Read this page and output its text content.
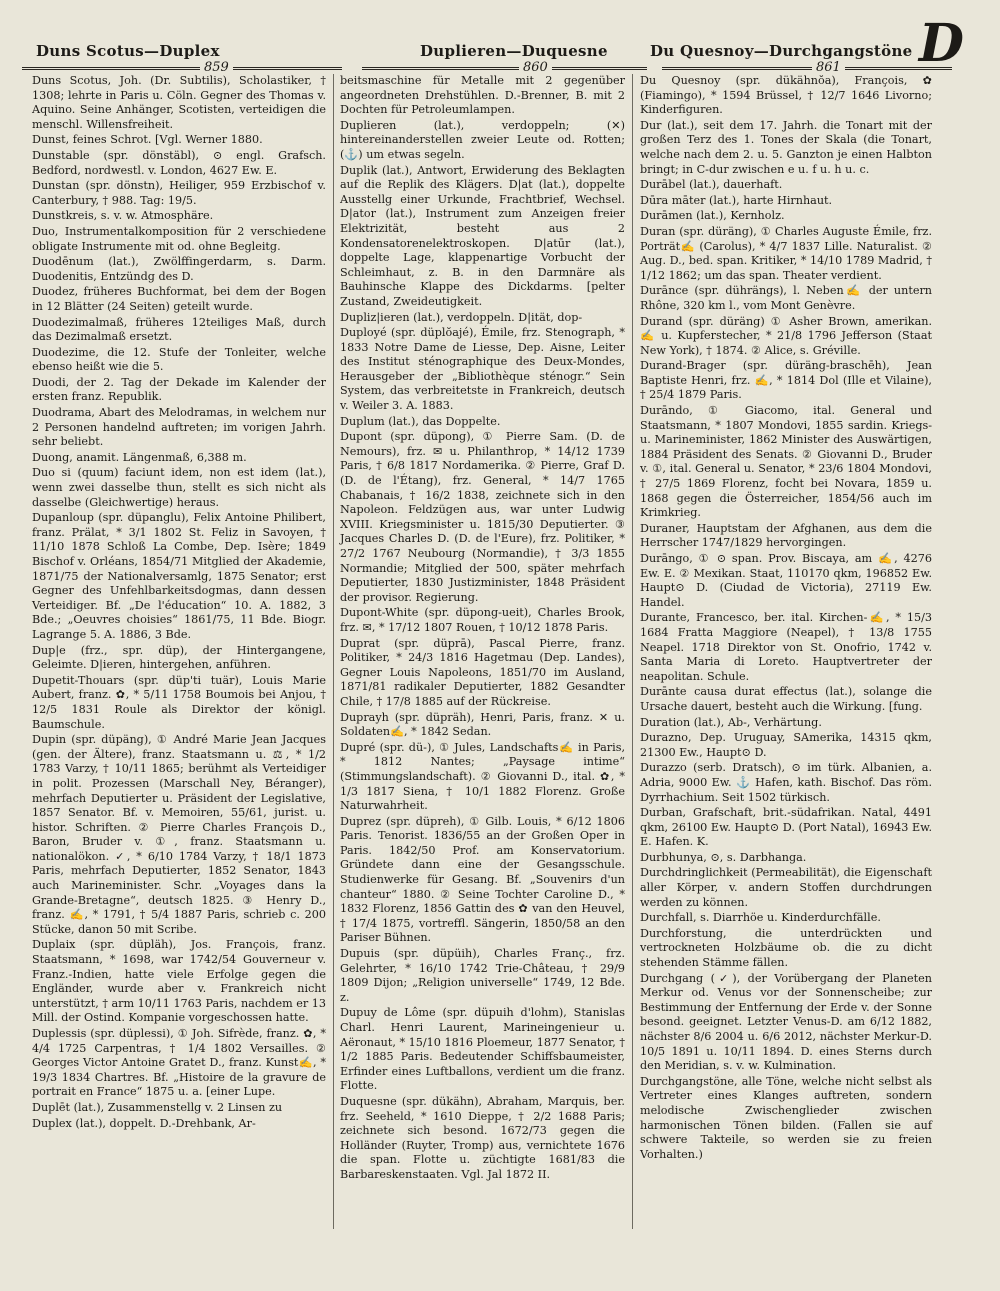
Duns Scotus—Duplex	Duplieren—Duquesne	Du Quesnoy—Durchgangstöne
859	860	861 D
Duns Scotus, Joh. (Dr. Subtilis), Scholastiker, † 1308; lehrte in Paris u. Cöln. Gegner des Thomas v. Aquino. Seine Anhänger, Scotisten, verteidigen die menschl. Willensfreiheit.
Dunst, feines Schrot. [Vgl. Werner 1880.
Dunstable (spr. dönstäbl), ⊙ engl. Grafsch. Bedford, nordwestl. v. London, 4627 Ew. E.
Dunstan (spr. dönstn), Heiliger, 959 Erzbischof v. Canterbury, † 988. Tag: 19/5.
Dunstkreis, s. v. w. Atmosphäre.
Duo, Instrumentalkomposition für 2 verschiedene obligate Instrumente mit od. ohne Begleitg.
Duodēnum (lat.), Zwölffingerdarm, s. Darm. Duodenitis, Entzündg des D.
Duodez, früheres Buchformat, bei dem der Bogen in 12 Blätter (24 Seiten) geteilt wurde.
Duodezimalmaß, früheres 12teiliges Maß, durch das Dezimalmaß ersetzt.
Duodezime, die 12. Stufe der Tonleiter, welche ebenso heißt wie die 5.
Duodi, der 2. Tag der Dekade im Kalender der ersten franz. Republik.
Duodrama, Abart des Melodramas, in welchem nur 2 Personen handelnd auftreten; im vorigen Jahrh. sehr beliebt.
Duong, anamit. Längenmaß, 6,388 m.
Duo si (quum) faciunt idem, non est idem (lat.), wenn zwei dasselbe thun, stellt es sich nicht als dasselbe (Gleichwertige) heraus.
Dupanloup (spr. düpanglu), Felix Antoine Philibert, franz. Prälat, * 3/1 1802 St. Feliz in Savoyen, † 11/10 1878 Schloß La Combe, Dep. Isère; 1849 Bischof v. Orléans, 1854/71 Mitglied der Akademie, 1871/75 der Nationalversamlg, 1875 Senator; erst Gegner des Unfehlbarkeitsdogmas, dann dessen Verteidiger. Bf. „De l'éducation“ 10. A. 1882, 3 Bde.; „Oeuvres choisies“ 1861/75, 11 Bde. Biogr. Lagrange 5. A. 1886, 3 Bde.
Dup|e (frz., spr. düp), der Hintergangene, Geleimte. D|ieren, hintergehen, anführen.
Dupetit-Thouars (spr. düp'ti tuär), Louis Marie Aubert, franz. ✿, * 5/11 1758 Boumois bei Anjou, † 12/5 1831 Roule als Direktor der königl. Baumschule.
Dupin (spr. düpäng), ① André Marie Jean Jacques (gen. der Ältere), franz. Staatsmann u. ⚖, * 1/2 1783 Varzy, † 10/11 1865; berühmt als Verteidiger in polit. Prozessen (Marschall Ney, Béranger), mehrfach Deputierter u. Präsident der Legislative, 1857 Senator. Bf. v. Memoiren, 55/61, jurist. u. histor. Schriften. ② Pierre Charles François D., Baron, Bruder v. ①, franz. Staatsmann u. nationalökon. ✓, * 6/10 1784 Varzy, † 18/1 1873 Paris, mehrfach Deputierter, 1852 Senator, 1843 auch Marineminister. Schr. „Voyages dans la Grande-Bretagne“, deutsch 1825. ③ Henry D., franz. ✍, * 1791, † 5/4 1887 Paris, schrieb c. 200 Stücke, danon 50 mit Scribe.
Duplaix (spr. düpläh), Jos. François, franz. Staatsmann, * 1698, war 1742/54 Gouverneur v. Franz.-Indien, hatte viele Erfolge gegen die Engländer, wurde aber v. Frankreich nicht unterstützt, † arm 10/11 1763 Paris, nachdem er 13 Mill. der Ostind. Kompanie vorgeschossen hatte.
Duplessis (spr. düplessi), ① Joh. Sifrède, franz. ✿, * 4/4 1725 Carpentras, † 1/4 1802 Versailles. ② Georges Victor Antoine Gratet D., franz. Kunst✍, * 19/3 1834 Chartres. Bf. „Histoire de la gravure de portrait en France“ 1875 u. a. [einer Lupe.
Duplēt (lat.), Zusammenstellg v. 2 Linsen zu
Duplex (lat.), doppelt. D.-Drehbank, Ar-
beitsmaschine für Metalle mit 2 gegenüber angeordneten Drehstühlen. D.-Brenner, B. mit 2 Dochten für Petroleumlampen.
Duplieren (lat.), verdoppeln; (✕) hintereinanderstellen zweier Leute od. Rotten; (⚓) um etwas segeln.
Duplik (lat.), Antwort, Erwiderung des Beklagten auf die Replik des Klägers. D|at (lat.), doppelte Ausstellg einer Urkunde, Frachtbrief, Wechsel. D|ator (lat.), Instrument zum Anzeigen freier Elektrizität, besteht aus 2 Kondensatorenelektroskopen. D|atūr (lat.), doppelte Lage, klappenartige Vorbucht der Schleimhaut, z. B. in den Darmnäre als Bauhinsche Klappe des Dickdarms. [pelter Zustand, Zweideutigkeit.
Dupliz|ieren (lat.), verdoppeln. D|ität, dop-
Duployé (spr. düplŏajé), Émile, frz. Stenograph, * 1833 Notre Dame de Liesse, Dep. Aisne, Leiter des Institut sténographique des Deux-Mondes, Herausgeber der „Bibliothèque sténogr.“ Sein System, das verbreitetste in Frankreich, deutsch v. Weiler 3. A. 1883.
Duplum (lat.), das Doppelte.
Dupont (spr. düpong), ① Pierre Sam. (D. de Nemours), frz. ✉ u. Philanthrop, * 14/12 1739 Paris, † 6/8 1817 Nordamerika. ② Pierre, Graf D. (D. de l'Étang), frz. General, * 14/7 1765 Chabanais, † 16/2 1838, zeichnete sich in den Napoleon. Feldzügen aus, war unter Ludwig XVIII. Kriegsminister u. 1815/30 Deputierter. ③ Jacques Charles D. (D. de l'Eure), frz. Politiker, * 27/2 1767 Neubourg (Normandie), † 3/3 1855 Normandie; Mitglied der 500, später mehrfach Deputierter, 1830 Justizminister, 1848 Präsident der provisor. Regierung.
Dupont-White (spr. düpong-ueit), Charles Brook, frz. ✉, * 17/12 1807 Rouen, † 10/12 1878 Paris.
Duprat (spr. düprā), Pascal Pierre, franz. Politiker, * 24/3 1816 Hagetmau (Dep. Landes), Gegner Louis Napoleons, 1851/70 im Ausland, 1871/81 radikaler Deputierter, 1882 Gesandter Chile, † 17/8 1885 auf der Rückreise.
Duprayh (spr. düpräh), Henri, Paris, franz. ✕ u. Soldaten✍, * 1842 Sedan.
Dupré (spr. dü-), ① Jules, Landschafts✍ in Paris, * 1812 Nantes; „Paysage intime“ (Stimmungslandschaft). ② Giovanni D., ital. ✿, * 1/3 1817 Siena, † 10/1 1882 Florenz. Große Naturwahrheit.
Duprez (spr. düpreh), ① Gilb. Louis, * 6/12 1806 Paris. Tenorist. 1836/55 an der Großen Oper in Paris. 1842/50 Prof. am Konservatorium. Gründete dann eine der Gesangsschule. Studienwerke für Gesang. Bf. „Souvenirs d'un chanteur“ 1880. ② Seine Tochter Caroline D., * 1832 Florenz, 1856 Gattin des ✿ van den Heuvel, † 17/4 1875, vortreffl. Sängerin, 1850/58 an den Pariser Bühnen.
Dupuis (spr. düpüih), Charles Franç., frz. Gelehrter, * 16/10 1742 Trie-Château, † 29/9 1809 Dijon; „Religion universelle“ 1749, 12 Bde. z.
Dupuy de Lôme (spr. düpuih d'lohm), Stanislas Charl. Henri Laurent, Marineingenieur u. Aëronaut, * 15/10 1816 Ploemeur, 1877 Senator, † 1/2 1885 Paris. Bedeutender Schiffsbaumeister, Erfinder eines Luftballons, verdient um die franz. Flotte.
Duquesne (spr. dükähn), Abraham, Marquis, ber. frz. Seeheld, * 1610 Dieppe, † 2/2 1688 Paris; zeichnete sich besond. 1672/73 gegen die Holländer (Ruyter, Tromp) aus, vernichtete 1676 die span. Flotte u. züchtigte 1681/83 die Barbareskenstaaten. Vgl. Jal 1872 II.
Du Quesnoy (spr. dükähnŏa), François, ✿ (Fiamingo), * 1594 Brüssel, † 12/7 1646 Livorno; Kinderfiguren.
Dur (lat.), seit dem 17. Jahrh. die Tonart mit der großen Terz des 1. Tones der Skala (die Tonart, welche nach dem 2. u. 5. Ganzton je einen Halbton bringt; in C-dur zwischen e u. f u. h u. c.
Durābel (lat.), dauerhaft.
Dūra māter (lat.), harte Hirnhaut.
Durāmen (lat.), Kernholz.
Duran (spr. düräng), ① Charles Auguste Émile, frz. Porträt✍ (Carolus), * 4/7 1837 Lille. Naturalist. ② Aug. D., bed. span. Kritiker, * 14/10 1789 Madrid, † 1/12 1862; um das span. Theater verdient.
Durānce (spr. dührängs), l. Neben✍ der untern Rhône, 320 km l., vom Mont Genèvre.
Durand (spr. düräng) ① Asher Brown, amerikan. ✍ u. Kupferstecher, * 21/8 1796 Jefferson (Staat New York), † 1874. ② Alice, s. Gréville.
Durand-Brager (spr. düräng-braschēh), Jean Baptiste Henri, frz. ✍, * 1814 Dol (Ille et Vilaine), † 25/4 1879 Paris.
Durāndo, ① Giacomo, ital. General und Staatsmann, * 1807 Mondovi, 1855 sardin. Kriegs- u. Marineminister, 1862 Minister des Auswärtigen, 1884 Präsident des Senats. ② Giovanni D., Bruder v. ①, ital. General u. Senator, * 23/6 1804 Mondovi, † 27/5 1869 Florenz, focht bei Novara, 1859 u. 1868 gegen die Österreicher, 1854/56 auch im Krimkrieg.
Duraner, Hauptstam der Afghanen, aus dem die Herrscher 1747/1829 hervorgingen.
Durāngo, ① ⊙ span. Prov. Biscaya, am ✍, 4276 Ew. E. ② Mexikan. Staat, 110170 qkm, 196852 Ew. Haupt⊙ D. (Ciudad de Victoria), 27119 Ew. Handel.
Durante, Francesco, ber. ital. Kirchen-✍, * 15/3 1684 Fratta Maggiore (Neapel), † 13/8 1755 Neapel. 1718 Direktor von St. Onofrio, 1742 v. Santa Maria di Loreto. Hauptvertreter der neapolitan. Schule.
Durānte causa durat effectus (lat.), solange die Ursache dauert, besteht auch die Wirkung. [fung.
Duration (lat.), Ab-, Verhärtung.
Durazno, Dep. Uruguay, SAmerika, 14315 qkm, 21300 Ew., Haupt⊙ D.
Durazzo (serb. Dratsch), ⊙ im türk. Albanien, a. Adria, 9000 Ew. ⚓ Hafen, kath. Bischof. Das röm. Dyrrhachium. Seit 1502 türkisch.
Durban, Grafschaft, brit.-südafrikan. Natal, 4491 qkm, 26100 Ew. Haupt⊙ D. (Port Natal), 16943 Ew. E. Hafen. K.
Durbhunya, ⊙, s. Darbhanga.
Durchdringlichkeit (Permeabilität), die Eigenschaft aller Körper, v. andern Stoffen durchdrungen werden zu können.
Durchfall, s. Diarrhöe u. Kinderdurchfälle.
Durchforstung, die unterdrückten und vertrockneten Holzbäume ob. die zu dicht stehenden Stämme fällen.
Durchgang (✓), der Vorübergang der Planeten Merkur od. Venus vor der Sonnenscheibe; zur Bestimmung der Entfernung der Erde v. der Sonne besond. geeignet. Letzter Venus-D. am 6/12 1882, nächster 8/6 2004 u. 6/6 2012, nächster Merkur-D. 10/5 1891 u. 10/11 1894. D. eines Sterns durch den Meridian, s. v. w. Kulmination.
Durchgangstöne, alle Töne, welche nicht selbst als Vertreter eines Klanges auftreten, sondern melodische Zwischenglieder zwischen harmonischen Tönen bilden. (Fallen sie auf schwere Takteile, so werden sie zu freien Vorhalten.)
